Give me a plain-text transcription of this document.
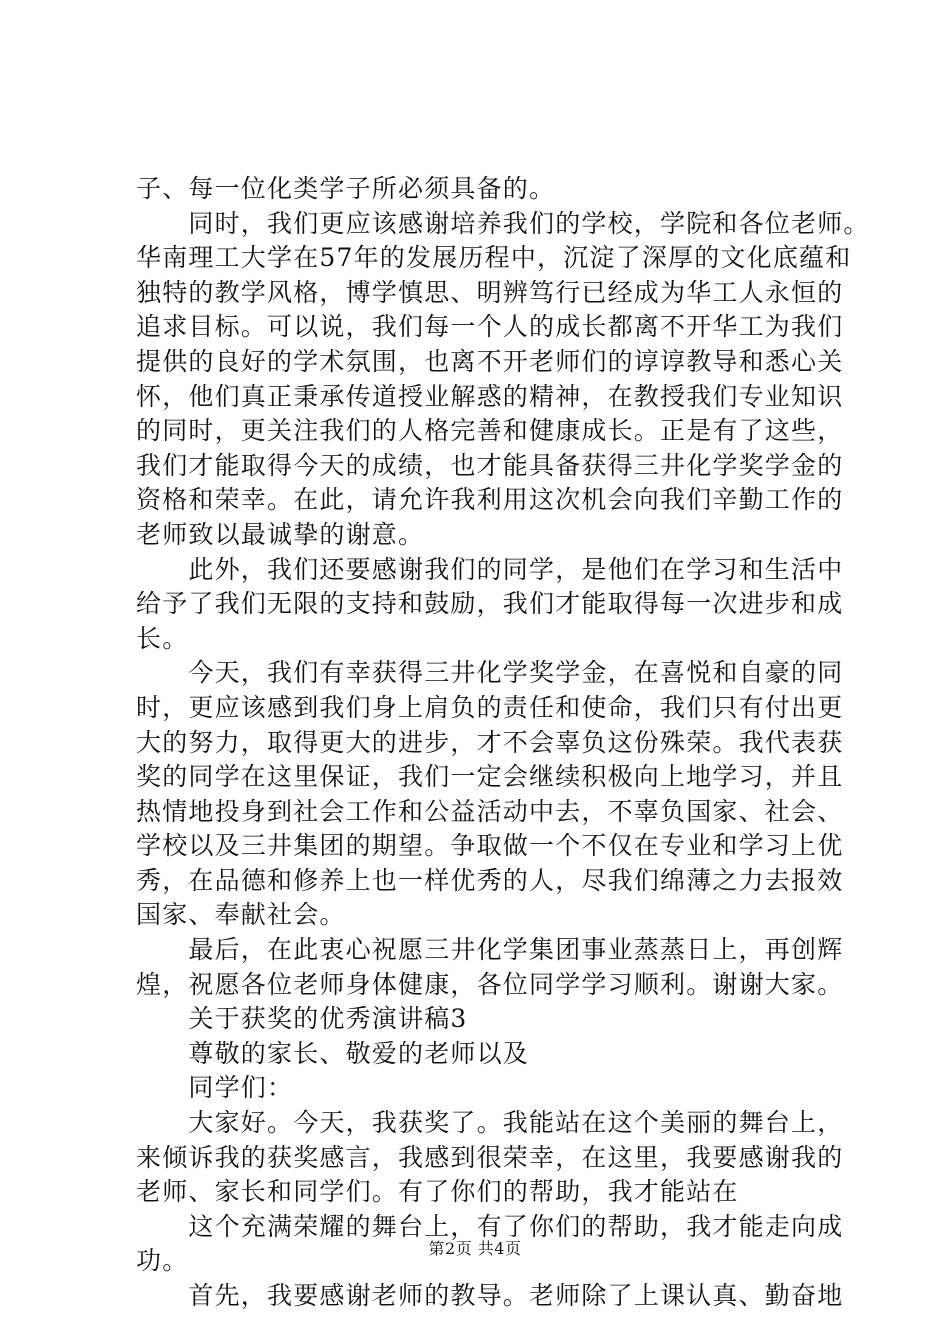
子、每一位化类学子所必须具备的。
　　同时，我们更应该感谢培养我们的学校，学院和各位老师。
华南理工大学在57年的发展历程中，沉淀了深厚的文化底蕴和
独特的教学风格，博学慎思、明辨笃行已经成为华工人永恒的
追求目标。可以说，我们每一个人的成长都离不开华工为我们
提供的良好的学术氛围，也离不开老师们的谆谆教导和悉心关
怀，他们真正秉承传道授业解惑的精神，在教授我们专业知识
的同时，更关注我们的人格完善和健康成长。正是有了这些，
我们才能取得今天的成绩，也才能具备获得三井化学奖学金的
资格和荣幸。在此，请允许我利用这次机会向我们辛勤工作的
老师致以最诚挚的谢意。
　　此外，我们还要感谢我们的同学，是他们在学习和生活中
给予了我们无限的支持和鼓励，我们才能取得每一次进步和成
长。
　　今天，我们有幸获得三井化学奖学金，在喜悦和自豪的同
时，更应该感到我们身上肩负的责任和使命，我们只有付出更
大的努力，取得更大的进步，才不会辜负这份殊荣。我代表获
奖的同学在这里保证，我们一定会继续积极向上地学习，并且
热情地投身到社会工作和公益活动中去，不辜负国家、社会、
学校以及三井集团的期望。争取做一个不仅在专业和学习上优
秀，在品德和修养上也一样优秀的人，尽我们绵薄之力去报效
国家、奉献社会。
　　最后，在此衷心祝愿三井化学集团事业蒸蒸日上，再创辉
煌，祝愿各位老师身体健康，各位同学学习顺利。谢谢大家。
　　关于获奖的优秀演讲稿3
　　尊敬的家长、敬爱的老师以及
　　同学们：
　　大家好。今天，我获奖了。我能站在这个美丽的舞台上，
来倾诉我的获奖感言，我感到很荣幸，在这里，我要感谢我的
老师、家长和同学们。有了你们的帮助，我才能站在
　　这个充满荣耀的舞台上，有了你们的帮助，我才能走向成
功。
　　首先，我要感谢老师的教导。老师除了上课认真、勤奋地
第2页 共4页
